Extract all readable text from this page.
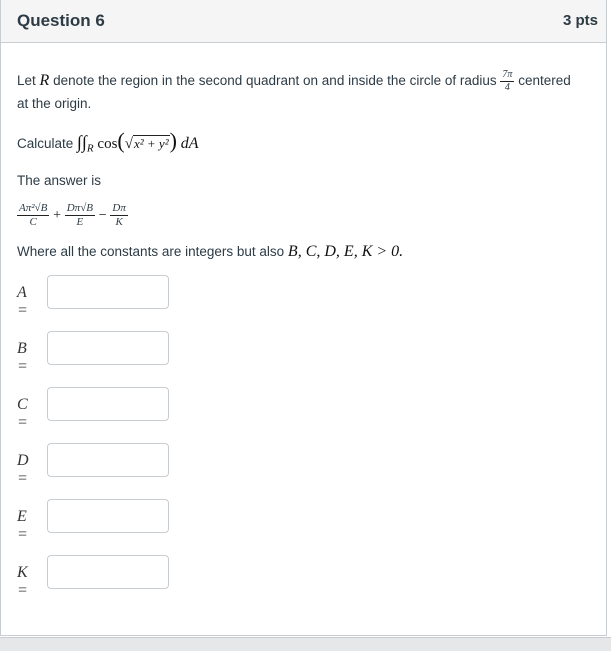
Question 6	3 pts
Let R denote the region in the second quadrant on and inside the circle of radius $\frac{7\pi}{4}$ centered
at the origin.
Calculate $\int\int_R$ cos(√x² + y²) dA
The answer is
$\frac{\text{Aπ²√B}}{C} + \frac{D\pi√B}{E} - \frac{D\pi}{K}$
Where all the constants are integers but also B, C, D, E, K > 0.
A =
B =
C =
D =
E =
K =
